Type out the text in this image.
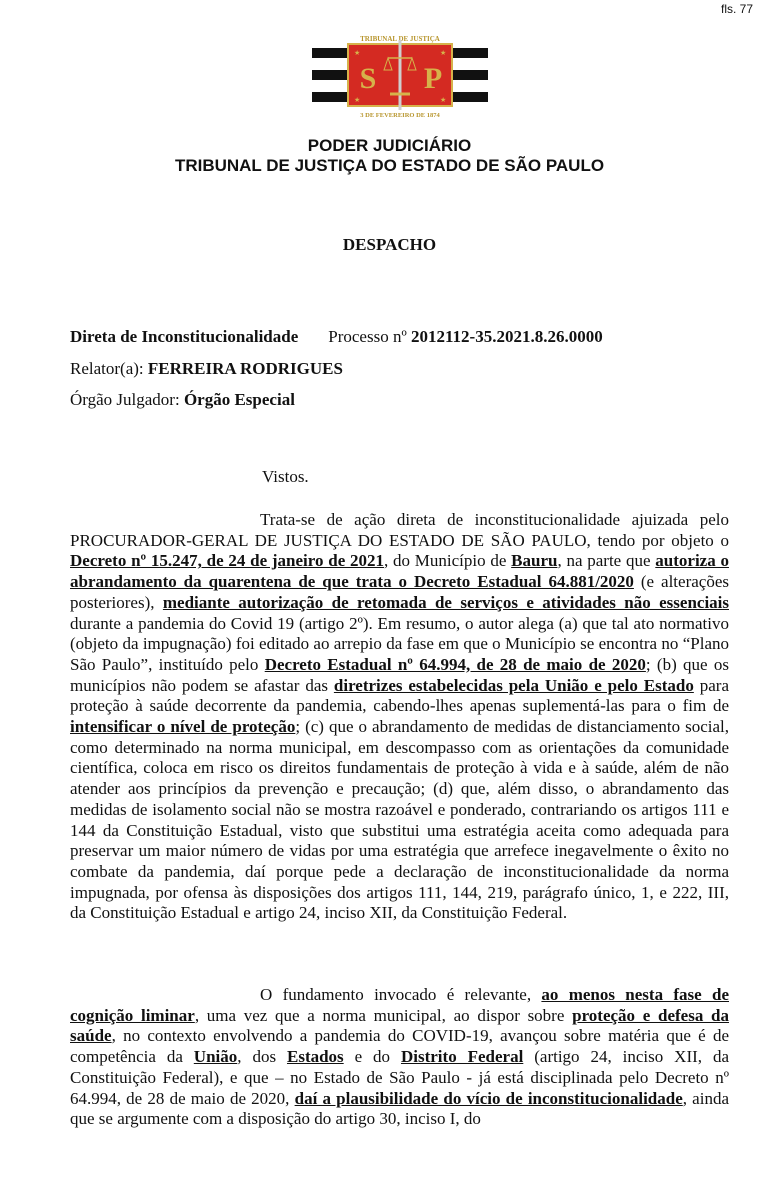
fls. 77
TRIBUNAL DE JUSTIÇA
S P
★	★
★	★
3 DE FEVEREIRO DE 1874
PODER JUDICIÁRIO
TRIBUNAL DE JUSTIÇA DO ESTADO DE SÃO PAULO
DESPACHO
Direta de Inconstitucionalidade Processo nº 2012112-35.2021.8.26.0000
Relator(a): FERREIRA RODRIGUES
Órgão Julgador: Órgão Especial
Vistos.
Trata-se de ação direta de inconstitucionalidade ajuizada pelo PROCURADOR-GERAL DE JUSTIÇA DO ESTADO DE SÃO PAULO, tendo por objeto o Decreto nº 15.247, de 24 de janeiro de 2021, do Município de Bauru, na parte que autoriza o abrandamento da quarentena de que trata o Decreto Estadual 64.881/2020 (e alterações posteriores), mediante autorização de retomada de serviços e atividades não essenciais durante a pandemia do Covid 19 (artigo 2º). Em resumo, o autor alega (a) que tal ato normativo (objeto da impugnação) foi editado ao arrepio da fase em que o Município se encontra no “Plano São Paulo”, instituído pelo Decreto Estadual nº 64.994, de 28 de maio de 2020; (b) que os municípios não podem se afastar das diretrizes estabelecidas pela União e pelo Estado para proteção à saúde decorrente da pandemia, cabendo-lhes apenas suplementá-las para o fim de intensificar o nível de proteção; (c) que o abrandamento de medidas de distanciamento social, como determinado na norma municipal, em descompasso com as orientações da comunidade científica, coloca em risco os direitos fundamentais de proteção à vida e à saúde, além de não atender aos princípios da prevenção e precaução; (d) que, além disso, o abrandamento das medidas de isolamento social não se mostra razoável e ponderado, contrariando os artigos 111 e 144 da Constituição Estadual, visto que substitui uma estratégia aceita como adequada para preservar um maior número de vidas por uma estratégia que arrefece inegavelmente o êxito no combate da pandemia, daí porque pede a declaração de inconstitucionalidade da norma impugnada, por ofensa às disposições dos artigos 111, 144, 219, parágrafo único, 1, e 222, III, da Constituição Estadual e artigo 24, inciso XII, da Constituição Federal.
O fundamento invocado é relevante, ao menos nesta fase de cognição liminar, uma vez que a norma municipal, ao dispor sobre proteção e defesa da saúde, no contexto envolvendo a pandemia do COVID-19, avançou sobre matéria que é de competência da União, dos Estados e do Distrito Federal (artigo 24, inciso XII, da Constituição Federal), e que – no Estado de São Paulo - já está disciplinada pelo Decreto nº 64.994, de 28 de maio de 2020, daí a plausibilidade do vício de inconstitucionalidade, ainda que se argumente com a disposição do artigo 30, inciso I, do
